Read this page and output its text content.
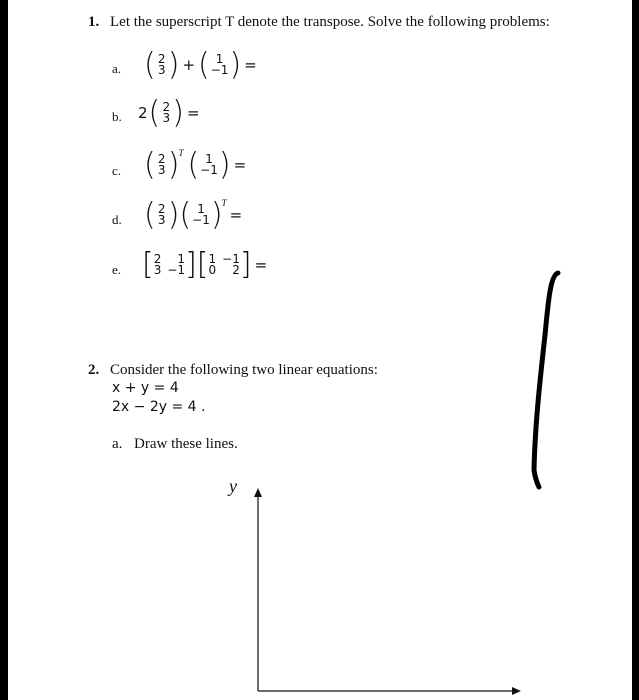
1. Let the superscript T denote the transpose. Solve the following problems:
a. ( 2
3 ) + ( 1
−1 ) =
b. 2 ( 2
3 ) =
c. ( 2
3 ) T ( 1
−1 ) =
d. ( 2
3 ) ( 1
−1 ) T
=
e. [ 2
3
1
−1 ] [ 1
0
−1
2 ] =
2. Consider the following two linear equations:
x + y = 4
2x − 2y = 4 .
a. Draw these lines.
y
